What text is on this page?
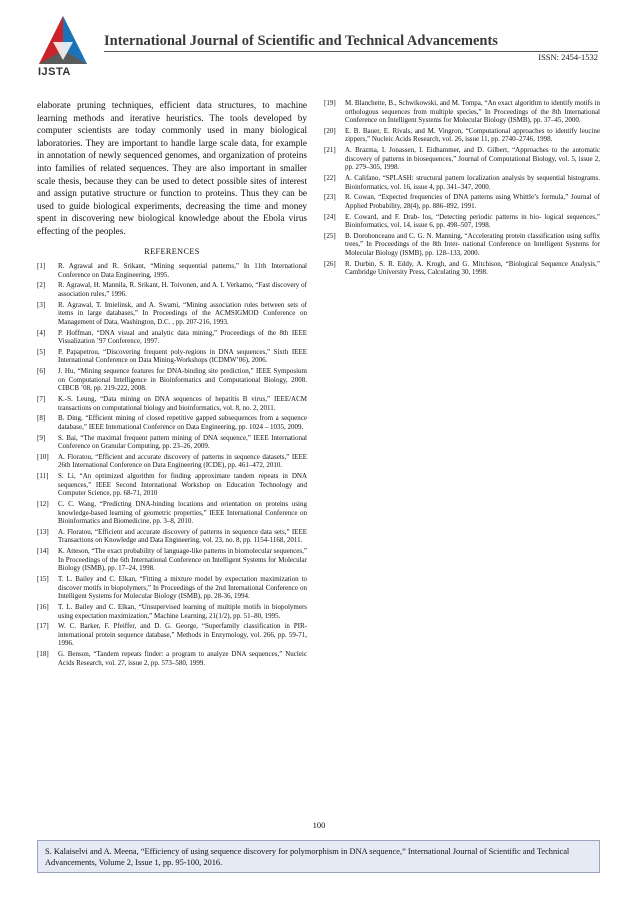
IJSTA
International Journal of Scientific and Technical Advancements
ISSN: 2454-1532

elaborate pruning techniques, efficient data structures, to machine learning methods and iterative heuristics. The tools developed by computer scientists are today commonly used in many biological laboratories. They are important to handle large scale data, for example in annotation of newly sequenced genomes, and organization of proteins into families of related sequences. They are also important in smaller scale thesis, because they can be used to detect possible sites of interest and assign putative structure or function to proteins. Thus they can be used to guide biological experiments, decreasing the time and money spent in discovering new biological knowledge about the Ebola virus effecting of the peoples.

REFERENCES
[1]	R. Agrawal and R. Srikant, “Mining sequential patterns,” In 11th International Conference on Data Engineering, 1995.
[2]	R. Agrawal, H. Mannila, R. Srikant, H. Toivonen, and A. I. Verkamo, “Fast discovery of association rules,” 1996.
[3]	R. Agrawal, T. Imielinsk, and A. Swami, “Mining association rules between sets of items in large databases,” In Proceedings of the ACMSIGMOD Conference on Management of Data, Washington, D.C. , pp. 207-216, 1993.
[4]	P. Hoffman, “DNA visual and analytic data mining,” Proceedings of the 8th IEEE Visualization ’97 Conference, 1997.
[5]	P. Papapetrou, “Discovering frequent poly-regions in DNA sequences,” Sixth IEEE International Conference on Data Mining-Workshops (ICDMW’06), 2006.
[6]	J. Hu, “Mining sequence features for DNA-binding site prediction,” IEEE Symposium on Computational Intelligence in Bioinformatics and Computational Biology, 2008. CIBCB ’08, pp. 219-222, 2008.
[7]	K.-S. Leung, “Data mining on DNA sequences of hepatitis B virus,” IEEE/ACM transactions on computational biology and bioinformatics, vol. 8, no. 2, 2011.
[8]	B. Ding, “Efficient mining of closed repetitive gapped subsequences from a sequence database,” IEEE International Conference on Data Engineering, pp. 1024 – 1035, 2009.
[9]	S. Bai, “The maximal frequent pattern mining of DNA sequence,” IEEE International Conference on Granular Computing, pp. 23–26, 2009.
[10]	A. Floratou, “Efficient and accurate discovery of patterns in sequence datasets,” IEEE 26th International Conference on Data Engineering (ICDE), pp. 461–472, 2010.
[11]	S. Li, “An optimized algorithm for finding approximate tandem repeats in DNA sequences,” IEEE Second International Workshop on Education Technology and Computer Science, pp. 68-71, 2010
[12]	C. C. Wang, “Predicting DNA-binding locations and orientation on proteins using knowledge-based learning of geometric properties,” IEEE International Conference on Bioinformatics and Biomedicine, pp. 3–8, 2010.
[13]	A. Floratou, “Efficient and accurate discovery of patterns in sequence data sets,” IEEE Transactions on Knowledge and Data Engineering, vol. 23, no. 8, pp. 1154-1168, 2011.
[14]	K. Atteson, “The exact probability of language-like patterns in biomolecular sequences,” In Proceedings of the 6th International Conference on Intelligent Systems for Molecular Biology (ISMB), pp. 17–24, 1998.
[15]	T. L. Bailey and C. Elkan, “Fitting a mixture model by expectation maximization to discover motifs in biopolymers,” In Proceedings of the 2nd International Conference on Intelligent Systems for Molecular Biology (ISMB), pp. 28-36, 1994.
[16]	T. L. Bailey and C. Elkan, “Unsupervised learning of multiple motifs in biopolymers using expectation maximization,” Machine Learning, 21(1/2), pp. 51–80, 1995.
[17]	W. C. Barker, F. Pfeiffer, and D. G. George, “Superfamily classification in PIR-international protein sequence database,” Methods in Enzymology, vol. 266, pp. 59-71, 1996.
[18]	G. Benson, “Tandem repeats finder: a program to analyze DNA sequences,” Nucleic Acids Research, vol. 27, issue 2, pp. 573–580, 1999.
[19]	M. Blanchette, B., Schwikowski, and M. Tompa, “An exact algorithm to identify motifs in orthologous sequences from multiple species,” In Proceedings of the 8th International Conference on Intelligent Systems for Molecular Biology (ISMB), pp. 37–45, 2000.
[20]	E. B. Bauer, E. Rivals, and M. Vingron, “Computational approaches to identify leucine zippers,” Nucleic Acids Research, vol. 26, issue 11, pp. 2740–2746, 1998.
[21]	A. Brazma, I. Jonassen, I. Eidhammer, and D. Gilbert, “Approaches to the automatic discovery of patterns in biosequences,” Journal of Computational Biology, vol. 5, issue 2, pp. 279–305, 1998.
[22]	A. Califano, “SPLASH: structural pattern localization analysis by sequential histograms. Bioinformatics, vol. 16, issue 4, pp. 341–347, 2000.
[23]	R. Cowan, “Expected frequencies of DNA patterns using Whittle’s formula,” Journal of Applied Probability, 28(4), pp. 886–892, 1991.
[24]	E. Coward, and F. Drab- los, “Detecting periodic patterns in bio- logical sequences,” Bioinformatics, vol. 14, issue 6, pp. 498–507, 1998.
[25]	B. Dorohonceanu and C. G. N. Manning, “Accelerating protein classification using suffix trees,” In Proceedings of the 8th Inter- national Conference on Intelligent Systems for Molecular Biology (ISMB), pp. 128–133, 2000.
[26]	R. Durbin, S. R. Eddy, A. Krogh, and G. Mitchison, “Biological Sequence Analysis,” Cambridge University Press, Calculating 30, 1998.
100
S. Kalaiselvi and A. Meena, “Efficiency of using sequence discovery for polymorphism in DNA sequence,” International Journal of Scientific and Technical Advancements, Volume 2, Issue 1, pp. 95-100, 2016.
